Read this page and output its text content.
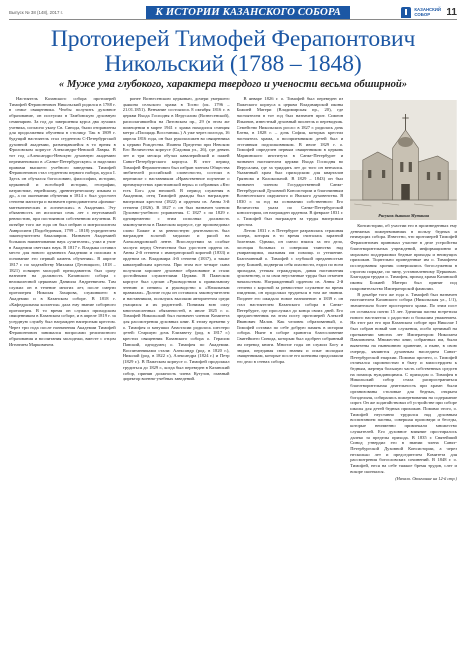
Выпуск № 38 (148), 2017 г.	К ИСТОРИИ КАЗАНСКОГО СОБОРА	КАЗАНСКИЙ СОБОР	11
Протоиерей Тимофей Ферапонтович
Никольский (1788 – 1848)
« Муже ума глубокого, характера твердого и учености весьма обширной»

Настоятель Казанского собора протоиерей Тимофей Ферапонтович Никольский родился в 1788 г. в семье священника. Чтобы получить духовное образование, он поступил в Тамбовскую духовную семинарию. За год до завершения курса два лучших ученика, согласно указу Св. Синода, были отправлены для продолжения обучения в столицу. Так в 1809 г. будущий настоятель стал студентом С-Петербургской духовной академии, размещавшейся в то время в Фроловском корпусе Александро-Невской Лавры. В тот год «Александро-Невскую духовную академию переименовали в «Санкт-Петербургскую» и наделили правами высшего учебного заведения. Тимофей Ферапонтович стал студентом первого набора, курса I. Здесь он обучался богословию, философии, истории, церковной и всеобщей истории, географии, патристике, еврейскому, древнегреческому языкам и др., а по окончании обучения в 1814 г. был удостоен степени магистра и назначен преподавателем «физико-математических и логических» в Академии. Эту обязанность он исполнял семь лет с неутомимой ревностию, при постоянном собственном изучении. В октябре того же года он был избран и митрополитом Амвросием (Подобедовым, 1799 – 1818) учредителем законоучителем бакалавром. Назначен Академией больших наименовании наук «учителем», учил и учит в Академии светских наук. В 1817 г. Владыка оставил место для нового адъюнкта Академии и положил в основание его первый камень обучения». В апреле 1817 г. по ходатайству Михаила (Десницкого, 1818 – 1821) освящен молодой преподаватель был сразу назначен на должность Казанского собора с великолепной церковью Даниила Андреевичем. Там служил он в течение многих лет, после смерти протоиерея Николая Захарова, служившего в Академии и в Казанском соборе. В 1818 г. «Кафедральная коллегия» дала ему звание соборного протоиерея. В то время он служил приходским священником в Казанском соборе, и в апреле 1819 г. за усердную службу был награжден наперсным крестом. Через три года после назначения Академии Тимофей Ферапонтович занимался вопросами религиозного образования и воспитания молодежи, вместе с отцом Игнатием Марковичем.

ронее Вознесенскою церковью, дочери умершего дьякона сельского храма в Тосно (ок. 1796 – 21.01.1851). Венчание состоялось 8 октября 1816 г. в церкви Входа Господня в Иерусалим (Вознесенской), располагавшейся на Литовском пр., 29 (в этом же помещении в марте 1941 г. храма находился станция метро «Площадь Восстания».) А уже через полгода, 16 апреля 1816 года, он был рукоположен во священника к церкви Рождества. Иоанна Предтечи при Невском Его Величества корпусе (Садовая ул., 26), где девять лет и три месяца обучал кавалерийский и пажей Санкт-Петербургского корпуса. В этот период Тимофей Ферапонтович был избран членом Общества любителей российской словесности, состоял в переписке с наставником «Нравственное поучение о преимуществах христианской веры» и собраниях «Кто есть Бог» для юношей. В период служения в Академии, отец Тимофей дважды был награжден: наперсным крестом (1822) и орденом св. Анны 3-й степени (1826). В 1827 г. он был назначен членом Духовно-учебного управления. С 1827 г. по 1829 г. одновременно с этим исполнял должность законоучителя в Пажеском корпусе, где проповедовал слово Божие и за ревностную деятельность был награжден золотой медалью и рясой на Александровской ленте. Впоследствии за особые заслуги перед Отечеством был удостоен ордена св. Анны 2-й степени с императорской короной (1833) и орденом св. Владимира 4-й степени (1837), а также кавалерийским крестом. При этом все четыре сына получили хорошее духовное образование и стали достойными служителями Церкви. В Пажеском корпусе был сделан «Руководством к правильному чтению и пению» и руководство к «Начальным правилам». Долгие годы он оставался законоучителем и наставником, пользуясь высоким авторитетом среди учащихся и их родителей. Понимая всю силу многочисленных обязанностей, в июле 1825 г. о. Тимофей Никольский был назначен членом Комитета для рассмотрения духовных книг. К этому времени у о. Тимофея и матушки Анастасии родилось шестеро детей: Старшую дочь Елизавету (род. в 1817 г.) крестил священник Казанского собора о. Герасим Павский, однодумец о. Тимофея по Академии. Воспитанниками стали: Александр (род. в 1820 г.), Николай (род. в 1822 г.), Александра (1824 г.) и Петр (1829 г.). В Пажеском корпусе о. Тимофей продолжал трудиться до 1829 г., когда был переведен в Казанский собор, приняв должность члена Кутузов, главный директор военно-учебных заведений.

В январе 1826 г. о. Тимофей был переведен из Пажеского корпуса к церкви Владимирской иконы Божией Матери (Владимирская пр., 20), где настоятелем в тот год был назначен прот. Симеон Ильинов, известный духовный писатель и переводчик. Семейство Никольских росло: в 1827 г. родилась дочь Елена, в 1828 г. – дочь София, которых крестил настоятель храма, а восприемником детей был и отставным подполковником. В июле 1829 г. о. Тимофей определен первым священником в церковь Мариинского института в Санкт-Петербурге и назначен настоятелем церкви Входа Господня во Иерусалим, где за тридцать лет до того он венчался. Указанный храм был приходским для кварталов Грязнова и Колокольной. В 1829 – 1843) он был назначен членом Государственной Санкт-Петербургской Духовной Консистории и благочинным Вознесенского окружного и Ямского духовенства. В 1830 г. за год на основании собственного Его Величества указа по Санкт-Петербургской консистории, он награжден орденом. В феврале 1831 г. о. Тимофей был награжден за труды наперсным крестом.

Летом 1831 г. в Петербурге разразилась страшная холера, которая в то время считалась заразной болезнью. Однако, он смело взялся за это дело, посещая больных и совершая таинства над умирающими, оказывая им помощь и утешение. Благочинный о. Тимофей с глубокой преданностью делу Божией, подвергая себя опасности, ездил по всем приходам, утешая страждущих, давая наставления духовенству, и за свои неустанные труды был отмечен начальством. Награжденный орденом св. Анны 2-й степени с короной за ревностное служение во время эпидемии, он продолжал трудиться в том же звании. Позднее его ожидало новое назначение: в 1839 г. он стал настоятелем Казанского собора в Санкт-Петербурге, где прослужил до конца своих дней. Его предшественник на этом посту протоиерей Алексей Иванович Малов. Как человек образованный, о. Тимофей оставил по себе добрую память в истории собора. Ныне в соборе хранится благословение Святейшего Синода, которым был одобрен собранный им перевод книги. Многие годы он служил Богу и людям, передавая свои знания и опыт молодым священникам, которые после его кончины продолжили его дело в стенах собора.

Рисунок дьякона Мутаина

Консистории, об участии его в произведенных ему денежных пожертвованиях в пользу бедных и неимущих собора. Известно, что протоиерей Тимофей Ферапонтович принимал участие в деле устройства благотворительных учреждений, информационно и морально поддерживал бедные приходы и неимущих прихожан. Тщательно проведенные им о. Тимофеем исследования хроник совершались богослужения в строгом порядке, по чину, установленному Церковью. Благодаря трудам о. Тимофея, приход храма Казанской иконы Божией Матери был принят под покровительство Императорской фамилии.

В декабре того же года о. Тимофей был назначен настоятелем Казанского собора (Никольская ул., 1/1), значительно более просторного храма. По этим пост он оставался почти 15 лет. Здешняя паства встретила нового настоятеля с радостью и большим уважением. На этот раз его при Казанском соборе при Николае I был собран новый чин служения, особо ценимый на протяжении многих лет Императором Николаем Павловичем. Множество книг, собранных им, были вывезены на нынешнюю хранение, а ныне, в свою очередь, являются духовным наследием Санкт-Петербургской епархии. Помимо прочего, о. Тимофей отличался скромностью в быту и милосердием к бедным, жертвуя большую часть собственных средств на помощь нуждающимся. С приходом о. Тимофея в Никольский собор стала распространяться благотворительная деятельность при храме: были организованы столовые для бедных, открыта богадельня, собирались пожертвования на содержание сирот. Он же ходатайствовал об устройстве при соборе школы для детей бедных прихожан. Помимо этого, о. Тимофей неустанно трудился над духовным воспитанием паствы, совершая проповеди и беседы, которые неизменно привлекали множество слушателей. Его духовное влияние простиралось далеко за пределы прихода. В 1835 г. Святейший Синод утвердил его в звании члена Санкт-Петербургской Духовной Консистории, а через несколько лет и председателем Комитета для рассмотрения богословских сочинений. В 1848 г. о. Тимофей, неся на себе тяжкое бремя трудов, слег и вскоре скончался.

(Начало. Окончание на 12-й стр.)
